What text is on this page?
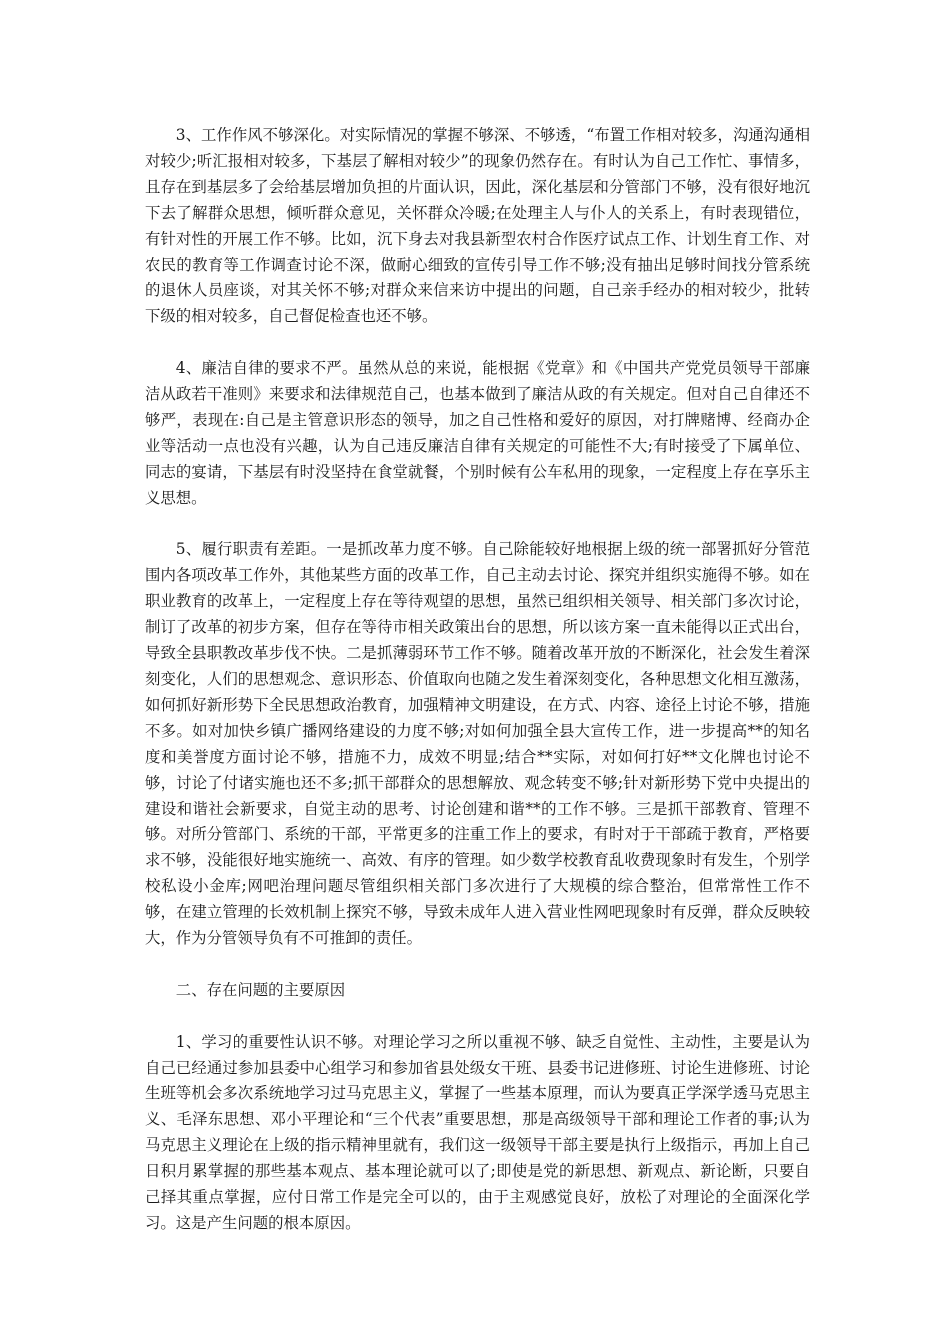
3、工作作风不够深化。对实际情况的掌握不够深、不够透，“布置工作相对较多，沟通沟通相对较少;听汇报相对较多，下基层了解相对较少”的现象仍然存在。有时认为自己工作忙、事情多，且存在到基层多了会给基层增加负担的片面认识，因此，深化基层和分管部门不够，没有很好地沉下去了解群众思想，倾听群众意见，关怀群众冷暖;在处理主人与仆人的关系上，有时表现错位，有针对性的开展工作不够。比如，沉下身去对我县新型农村合作医疗试点工作、计划生育工作、对农民的教育等工作调查讨论不深，做耐心细致的宣传引导工作不够;没有抽出足够时间找分管系统的退休人员座谈，对其关怀不够;对群众来信来访中提出的问题，自己亲手经办的相对较少，批转下级的相对较多，自己督促检查也还不够。

4、廉洁自律的要求不严。虽然从总的来说，能根据《党章》和《中国共产党党员领导干部廉洁从政若干准则》来要求和法律规范自己，也基本做到了廉洁从政的有关规定。但对自己自律还不够严，表现在:自己是主管意识形态的领导，加之自己性格和爱好的原因，对打牌赌博、经商办企业等活动一点也没有兴趣，认为自己违反廉洁自律有关规定的可能性不大;有时接受了下属单位、同志的宴请，下基层有时没坚持在食堂就餐，个别时候有公车私用的现象，一定程度上存在享乐主义思想。

5、履行职责有差距。一是抓改革力度不够。自己除能较好地根据上级的统一部署抓好分管范围内各项改革工作外，其他某些方面的改革工作，自己主动去讨论、探究并组织实施得不够。如在职业教育的改革上，一定程度上存在等待观望的思想，虽然已组织相关领导、相关部门多次讨论，制订了改革的初步方案，但存在等待市相关政策出台的思想，所以该方案一直未能得以正式出台，导致全县职教改革步伐不快。二是抓薄弱环节工作不够。随着改革开放的不断深化，社会发生着深刻变化，人们的思想观念、意识形态、价值取向也随之发生着深刻变化，各种思想文化相互激荡，如何抓好新形势下全民思想政治教育，加强精神文明建设，在方式、内容、途径上讨论不够，措施不多。如对加快乡镇广播网络建设的力度不够;对如何加强全县大宣传工作，进一步提高**的知名度和美誉度方面讨论不够，措施不力，成效不明显;结合**实际，对如何打好**文化牌也讨论不够，讨论了付诸实施也还不多;抓干部群众的思想解放、观念转变不够;针对新形势下党中央提出的建设和谐社会新要求，自觉主动的思考、讨论创建和谐**的工作不够。三是抓干部教育、管理不够。对所分管部门、系统的干部，平常更多的注重工作上的要求，有时对于干部疏于教育，严格要求不够，没能很好地实施统一、高效、有序的管理。如少数学校教育乱收费现象时有发生，个别学校私设小金库;网吧治理问题尽管组织相关部门多次进行了大规模的综合整治，但常常性工作不够，在建立管理的长效机制上探究不够，导致未成年人进入营业性网吧现象时有反弹，群众反映较大，作为分管领导负有不可推卸的责任。

二、存在问题的主要原因

1、学习的重要性认识不够。对理论学习之所以重视不够、缺乏自觉性、主动性，主要是认为自己已经通过参加县委中心组学习和参加省县处级女干班、县委书记进修班、讨论生进修班、讨论生班等机会多次系统地学习过马克思主义，掌握了一些基本原理，而认为要真正学深学透马克思主义、毛泽东思想、邓小平理论和“三个代表”重要思想，那是高级领导干部和理论工作者的事;认为马克思主义理论在上级的指示精神里就有，我们这一级领导干部主要是执行上级指示，再加上自己日积月累掌握的那些基本观点、基本理论就可以了;即使是党的新思想、新观点、新论断，只要自己择其重点掌握，应付日常工作是完全可以的，由于主观感觉良好，放松了对理论的全面深化学习。这是产生问题的根本原因。
